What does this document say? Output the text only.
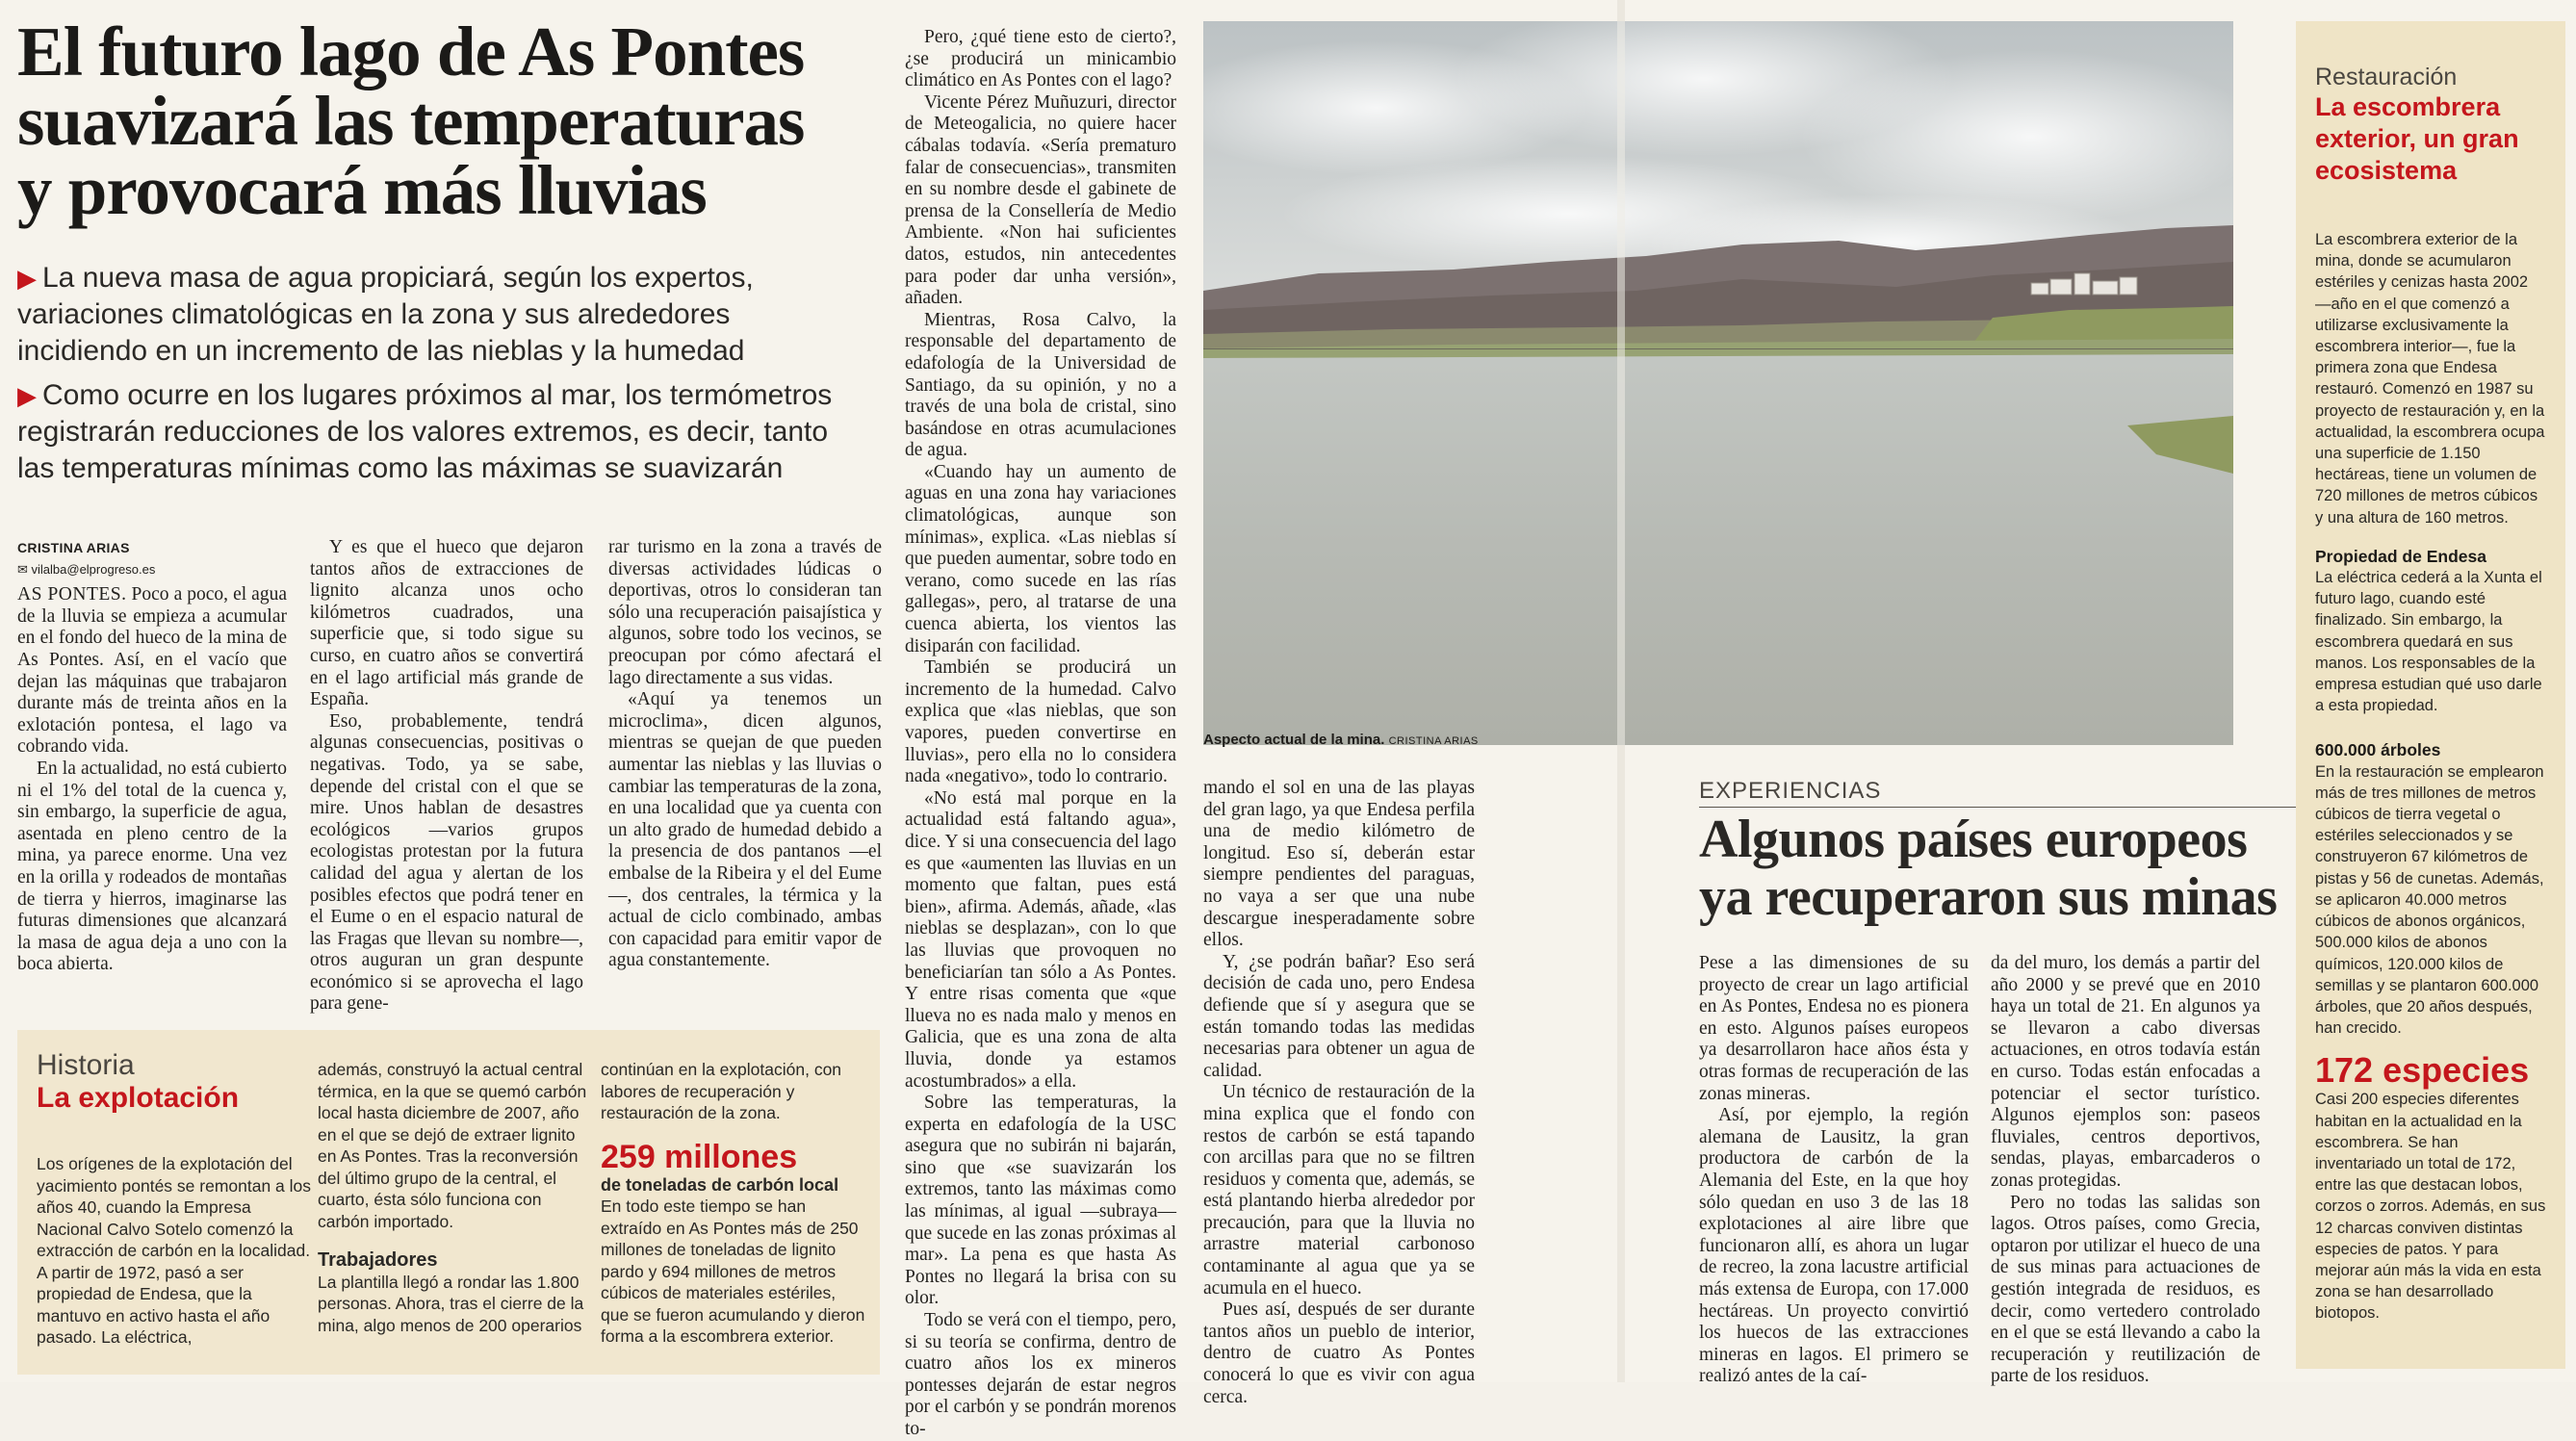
El futuro lago de As Pontes
suavizará las temperaturas
y provocará más lluvias

▶ La nueva masa de agua propiciará, según los expertos, variaciones climatológicas en la zona y sus alrededores incidiendo en un incremento de las nieblas y la humedad

▶ Como ocurre en los lugares próximos al mar, los termómetros registrarán reducciones de los valores extremos, es decir, tanto las temperaturas mínimas como las máximas se suavizarán

CRISTINA ARIAS
✉ vilalba@elprogreso.es

AS PONTES. Poco a poco, el agua de la lluvia se empieza a acumular en el fondo del hueco de la mina de As Pontes. Así, en el vacío que dejan las máquinas que trabajaron durante más de treinta años en la exlotación pontesa, el lago va cobrando vida.

En la actualidad, no está cubierto ni el 1% del total de la cuenca y, sin embargo, la superficie de agua, asentada en pleno centro de la mina, ya parece enorme. Una vez en la orilla y rodeados de montañas de tierra y hierros, imaginarse las futuras dimensiones que alcanzará la masa de agua deja a uno con la boca abierta.

Y es que el hueco que dejaron tantos años de extracciones de lignito alcanza unos ocho kilómetros cuadrados, una superficie que, si todo sigue su curso, en cuatro años se convertirá en el lago artificial más grande de España.

Eso, probablemente, tendrá algunas consecuencias, positivas o negativas. Todo, ya se sabe, depende del cristal con el que se mire. Unos hablan de desastres ecológicos —varios grupos ecologistas protestan por la futura calidad del agua y alertan de los posibles efectos que podrá tener en el Eume o en el espacio natural de las Fragas que llevan su nombre—, otros auguran un gran despunte económico si se aprovecha el lago para gene-

rar turismo en la zona a través de diversas actividades lúdicas o deportivas, otros lo consideran tan sólo una recuperación paisajística y algunos, sobre todo los vecinos, se preocupan por cómo afectará el lago directamente a sus vidas.

«Aquí ya tenemos un microclima», dicen algunos, mientras se quejan de que pueden aumentar las nieblas y las lluvias o cambiar las temperaturas de la zona, en una localidad que ya cuenta con un alto grado de humedad debido a la presencia de dos pantanos —el embalse de la Ribeira y el del Eume—, dos centrales, la térmica y la actual de ciclo combinado, ambas con capacidad para emitir vapor de agua constantemente.

Pero, ¿qué tiene esto de cierto?, ¿se producirá un minicambio climático en As Pontes con el lago?

Vicente Pérez Muñuzuri, director de Meteogalicia, no quiere hacer cábalas todavía. «Sería prematuro falar de consecuencias», transmiten en su nombre desde el gabinete de prensa de la Consellería de Medio Ambiente. «Non hai suficientes datos, estudos, nin antecedentes para poder dar unha versión», añaden.

Mientras, Rosa Calvo, la responsable del departamento de edafología de la Universidad de Santiago, da su opinión, y no a través de una bola de cristal, sino basándose en otras acumulaciones de agua.

«Cuando hay un aumento de aguas en una zona hay variaciones climatológicas, aunque son mínimas», explica. «Las nieblas sí que pueden aumentar, sobre todo en verano, como sucede en las rías gallegas», pero, al tratarse de una cuenca abierta, los vientos las disiparán con facilidad.

También se producirá un incremento de la humedad. Calvo explica que «las nieblas, que son vapores, pueden convertirse en lluvias», pero ella no lo considera nada «negativo», todo lo contrario.

«No está mal porque en la actualidad está faltando agua», dice. Y si una consecuencia del lago es que «aumenten las lluvias en un momento que faltan, pues está bien», afirma. Además, añade, «las nieblas se desplazan», con lo que las lluvias que provoquen no beneficiarían tan sólo a As Pontes. Y entre risas comenta que «que llueva no es nada malo y menos en Galicia, que es una zona de alta lluvia, donde ya estamos acostumbrados» a ella.

Sobre las temperaturas, la experta en edafología de la USC asegura que no subirán ni bajarán, sino que «se suavizarán los extremos, tanto las máximas como las mínimas, al igual —subraya— que sucede en las zonas próximas al mar». La pena es que hasta As Pontes no llegará la brisa con su olor.

Todo se verá con el tiempo, pero, si su teoría se confirma, dentro de cuatro años los ex mineros pontesses dejarán de estar negros por el carbón y se pondrán morenos to-

mando el sol en una de las playas del gran lago, ya que Endesa perfila una de medio kilómetro de longitud. Eso sí, deberán estar siempre pendientes del paraguas, no vaya a ser que una nube descargue inesperadamente sobre ellos.

Y, ¿se podrán bañar? Eso será decisión de cada uno, pero Endesa defiende que sí y asegura que se están tomando todas las medidas necesarias para obtener un agua de calidad.

Un técnico de restauración de la mina explica que el fondo con restos de carbón se está tapando con arcillas para que no se filtren residuos y comenta que, además, se está plantando hierba alrededor por precaución, para que la lluvia no arrastre material carbonoso contaminante al agua que ya se acumula en el hueco.

Pues así, después de ser durante tantos años un pueblo de interior, dentro de cuatro As Pontes conocerá lo que es vivir con agua cerca.

Historia
La explotación

Los orígenes de la explotación del yacimiento pontés se remontan a los años 40, cuando la Empresa Nacional Calvo Sotelo comenzó la extracción de carbón en la localidad. A partir de 1972, pasó a ser propiedad de Endesa, que la mantuvo en activo hasta el año pasado. La eléctrica,

además, construyó la actual central térmica, en la que se quemó carbón local hasta diciembre de 2007, año en el que se dejó de extraer lignito en As Pontes. Tras la reconversión del último grupo de la central, el cuarto, ésta sólo funciona con carbón importado.

Trabajadores

La plantilla llegó a rondar las 1.800 personas. Ahora, tras el cierre de la mina, algo menos de 200 operarios

continúan en la explotación, con labores de recuperación y restauración de la zona.

259 millones
de toneladas de carbón local

En todo este tiempo se han extraído en As Pontes más de 250 millones de toneladas de lignito pardo y 694 millones de metros cúbicos de materiales estériles, que se fueron acumulando y dieron forma a la escombrera exterior.

Aspecto actual de la mina. CRISTINA ARIAS
EXPERIENCIAS
Algunos países europeos
ya recuperaron sus minas

Pese a las dimensiones de su proyecto de crear un lago artificial en As Pontes, Endesa no es pionera en esto. Algunos países europeos ya desarrollaron hace años ésta y otras formas de recuperación de las zonas mineras.

Así, por ejemplo, la región alemana de Lausitz, la gran productora de carbón de la Alemania del Este, en la que hoy sólo quedan en uso 3 de las 18 explotaciones al aire libre que funcionaron allí, es ahora un lugar de recreo, la zona lacustre artificial más extensa de Europa, con 17.000 hectáreas. Un proyecto convirtió los huecos de las extracciones mineras en lagos. El primero se realizó antes de la caí-

da del muro, los demás a partir del año 2000 y se prevé que en 2010 haya un total de 21. En algunos ya se llevaron a cabo diversas actuaciones, en otros todavía están en curso. Todas están enfocadas a potenciar el sector turístico. Algunos ejemplos son: paseos fluviales, centros deportivos, sendas, playas, embarcaderos o zonas protegidas.

Pero no todas las salidas son lagos. Otros países, como Grecia, optaron por utilizar el hueco de una de sus minas para actuaciones de gestión integrada de residuos, es decir, como vertedero controlado en el que se está llevando a cabo la recuperación y reutilización de parte de los residuos.

Restauración
La escombrera
exterior, un gran
ecosistema

La escombrera exterior de la mina, donde se acumularon estériles y cenizas hasta 2002 —año en el que comenzó a utilizarse exclusivamente la escombrera interior—, fue la primera zona que Endesa restauró. Comenzó en 1987 su proyecto de restauración y, en la actualidad, la escombrera ocupa una superficie de 1.150 hectáreas, tiene un volumen de 720 millones de metros cúbicos y una altura de 160 metros.

Propiedad de Endesa

La eléctrica cederá a la Xunta el futuro lago, cuando esté finalizado. Sin embargo, la escombrera quedará en sus manos. Los responsables de la empresa estudian qué uso darle a esta propiedad.

600.000 árboles

En la restauración se emplearon más de tres millones de metros cúbicos de tierra vegetal o estériles seleccionados y se construyeron 67 kilómetros de pistas y 56 de cunetas. Además, se aplicaron 40.000 metros cúbicos de abonos orgánicos, 500.000 kilos de abonos químicos, 120.000 kilos de semillas y se plantaron 600.000 árboles, que 20 años después, han crecido.

172 especies

Casi 200 especies diferentes habitan en la actualidad en la escombrera. Se han inventariado un total de 172, entre las que destacan lobos, corzos o zorros. Además, en sus 12 charcas conviven distintas especies de patos. Y para mejorar aún más la vida en esta zona se han desarrollado biotopos.
